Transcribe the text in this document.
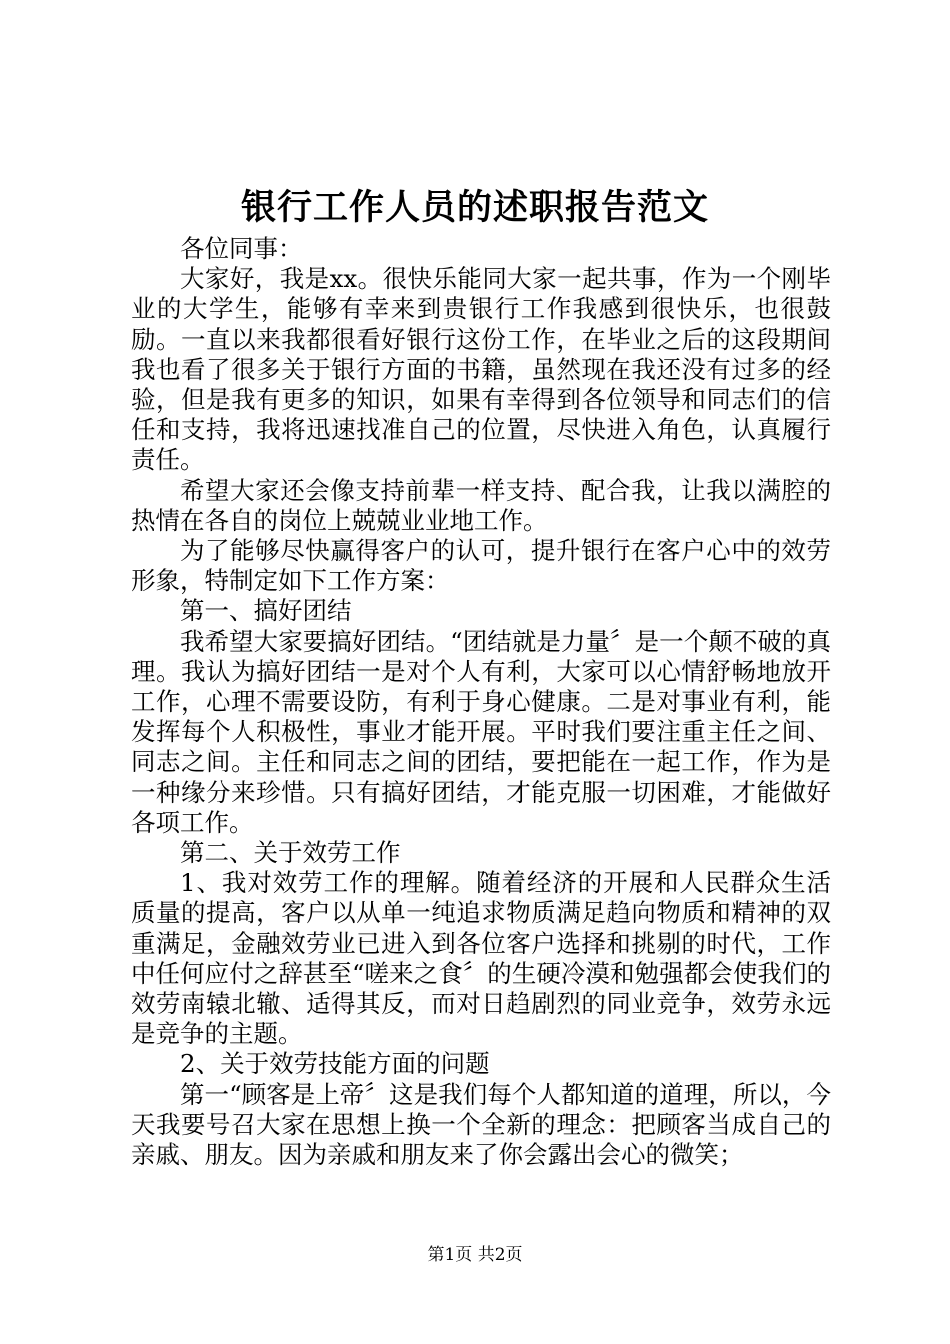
银行工作人员的述职报告范文

各位同事：

大家好，我是xx。很快乐能同大家一起共事，作为一个刚毕业的大学生，能够有幸来到贵银行工作我感到很快乐，也很鼓励。一直以来我都很看好银行这份工作，在毕业之后的这段期间我也看了很多关于银行方面的书籍，虽然现在我还没有过多的经验，但是我有更多的知识，如果有幸得到各位领导和同志们的信任和支持，我将迅速找准自己的位置，尽快进入角色，认真履行责任。

希望大家还会像支持前辈一样支持、配合我，让我以满腔的热情在各自的岗位上兢兢业业地工作。

为了能够尽快赢得客户的认可，提升银行在客户心中的效劳形象，特制定如下工作方案：

第一、搞好团结

我希望大家要搞好团结。“团结就是力量〞是一个颠不破的真理。我认为搞好团结一是对个人有利，大家可以心情舒畅地放开工作，心理不需要设防，有利于身心健康。二是对事业有利，能发挥每个人积极性，事业才能开展。平时我们要注重主任之间、同志之间。主任和同志之间的团结，要把能在一起工作，作为是一种缘分来珍惜。只有搞好团结，才能克服一切困难，才能做好各项工作。

第二、关于效劳工作

1、我对效劳工作的理解。随着经济的开展和人民群众生活质量的提高，客户以从单一纯追求物质满足趋向物质和精神的双重满足，金融效劳业已进入到各位客户选择和挑剔的时代，工作中任何应付之辞甚至“嗟来之食〞的生硬冷漠和勉强都会使我们的效劳南辕北辙、适得其反，而对日趋剧烈的同业竞争，效劳永远是竞争的主题。

2、关于效劳技能方面的问题

第一“顾客是上帝〞这是我们每个人都知道的道理，所以，今天我要号召大家在思想上换一个全新的理念：把顾客当成自己的亲戚、朋友。因为亲戚和朋友来了你会露出会心的微笑；

第1页 共2页
